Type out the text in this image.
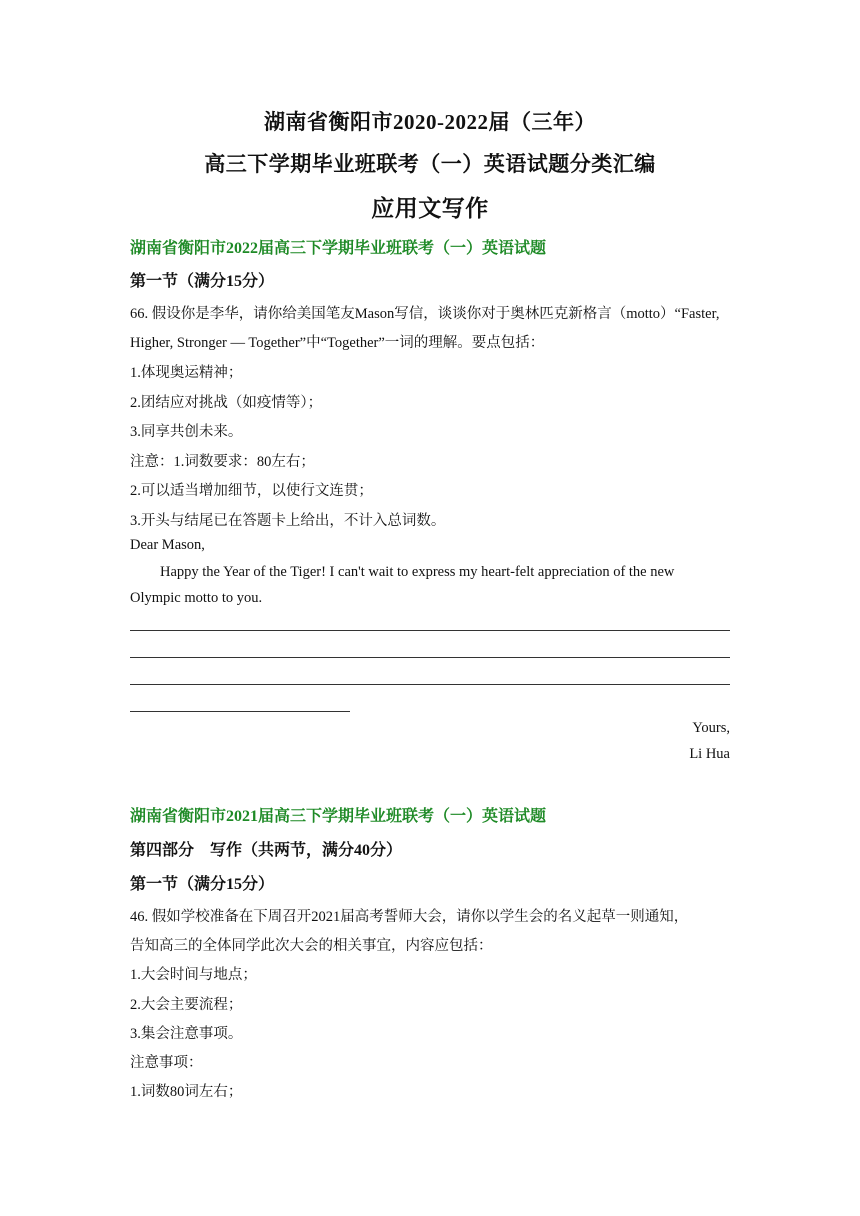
湖南省衡阳市2020-2022届（三年）
高三下学期毕业班联考（一）英语试题分类汇编
应用文写作
湖南省衡阳市2022届高三下学期毕业班联考（一）英语试题
第一节（满分15分）
66. 假设你是李华，请你给美国笔友Mason写信，谈谈你对于奥林匹克新格言（motto）“Faster,
Higher, Stronger — Together”中“Together”一词的理解。要点包括：
1.体现奥运精神；
2.团结应对挑战（如疫情等）；
3.同享共创未来。
注意：1.词数要求：80左右；
2.可以适当增加细节，以使行文连贯；
3.开头与结尾已在答题卡上给出，不计入总词数。
Dear Mason,
Happy the Year of the Tiger! I can't wait to express my heart-felt appreciation of the new
Olympic motto to you.
Yours,
Li Hua
湖南省衡阳市2021届高三下学期毕业班联考（一）英语试题
第四部分　写作（共两节，满分40分）
第一节（满分15分）
46. 假如学校准备在下周召开2021届高考誓师大会，请你以学生会的名义起草一则通知，
告知高三的全体同学此次大会的相关事宜，内容应包括：
1.大会时间与地点；
2.大会主要流程；
3.集会注意事项。
注意事项：
1.词数80词左右；
